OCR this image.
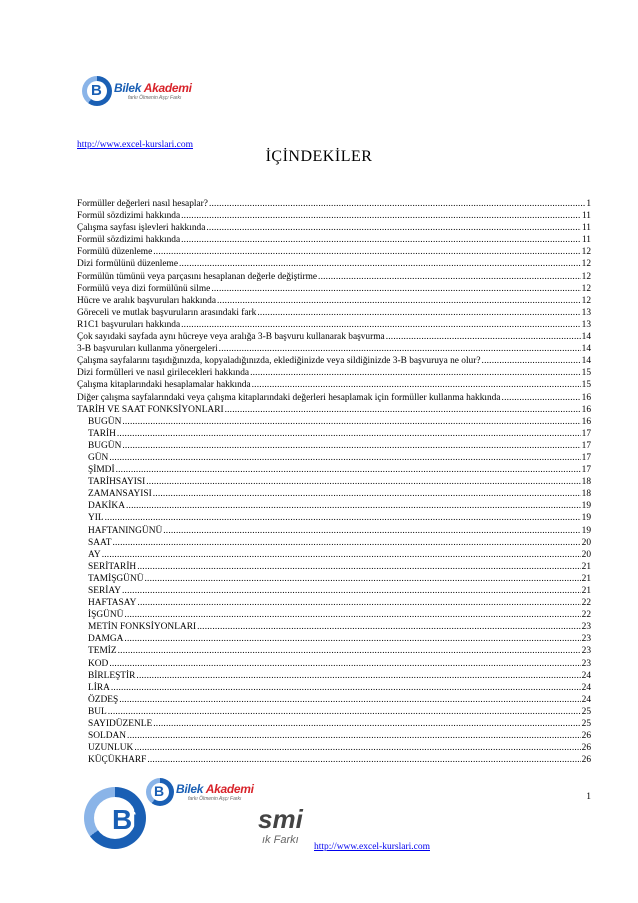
B Bilek Akademi
farkı Ölmenin Aşçı Farkı
http://www.excel-kurslari.com
İÇİNDEKİLER
Formüller değerleri nasıl hesaplar? .....	1
Formül sözdizimi hakkında .....	11
Çalışma sayfası işlevleri hakkında .....	11
Formül sözdizimi hakkında .....	11
Formülü düzenleme .....	12
Dizi formülünü düzenleme .....	12
Formülün tümünü veya parçasını hesaplanan değerle değiştirme .....	12
Formülü veya dizi formülünü silme .....	12
Hücre ve aralık başvuruları hakkında .....	12
Göreceli ve mutlak başvuruların arasındaki fark .....	13
R1C1 başvuruları hakkında .....	13
Çok sayıdaki sayfada aynı hücreye veya aralığa 3-B başvuru kullanarak başvurma .....	14
3-B başvuruları kullanma yönergeleri .....	14
Çalışma sayfalarını taşıdığınızda, kopyaladığınızda, eklediğinizde veya sildiğinizde 3-B başvuruya ne olur? .....	14
Dizi formülleri ve nasıl girilecekleri hakkında .....	15
Çalışma kitaplarındaki hesaplamalar hakkında .....	15
Diğer çalışma sayfalarındaki veya çalışma kitaplarındaki değerleri hesaplamak için formüller kullanma hakkında .....	16
TARİH VE SAAT FONKSİYONLARI .....	16
BUGÜN .....	16
TARİH .....	17
BUGÜN .....	17
GÜN .....	17
ŞİMDİ .....	17
TARİHSAYISI .....	18
ZAMANSAYISI .....	18
DAKİKA .....	19
YIL .....	19
HAFTANINGÜNÜ .....	19
SAAT .....	20
AY .....	20
SERİTARİH .....	21
TAMİŞGÜNÜ .....	21
SERİAY .....	21
HAFTASAY .....	22
İŞGÜNÜ .....	22
METİN FONKSİYONLARI .....	23
DAMGA .....	23
TEMİZ .....	23
KOD .....	23
BİRLEŞTİR .....	24
LİRA .....	24
ÖZDEŞ .....	24
BUL .....	25
SAYIDÜZENLE .....	25
SOLDAN .....	26
UZUNLUK .....	26
KÜÇÜKHARF .....	26
1
Bi	smi
ık Farkı
B Bilek Akademi
farkı Ölmenin Aşçı Farkı
http://www.excel-kurslari.com
